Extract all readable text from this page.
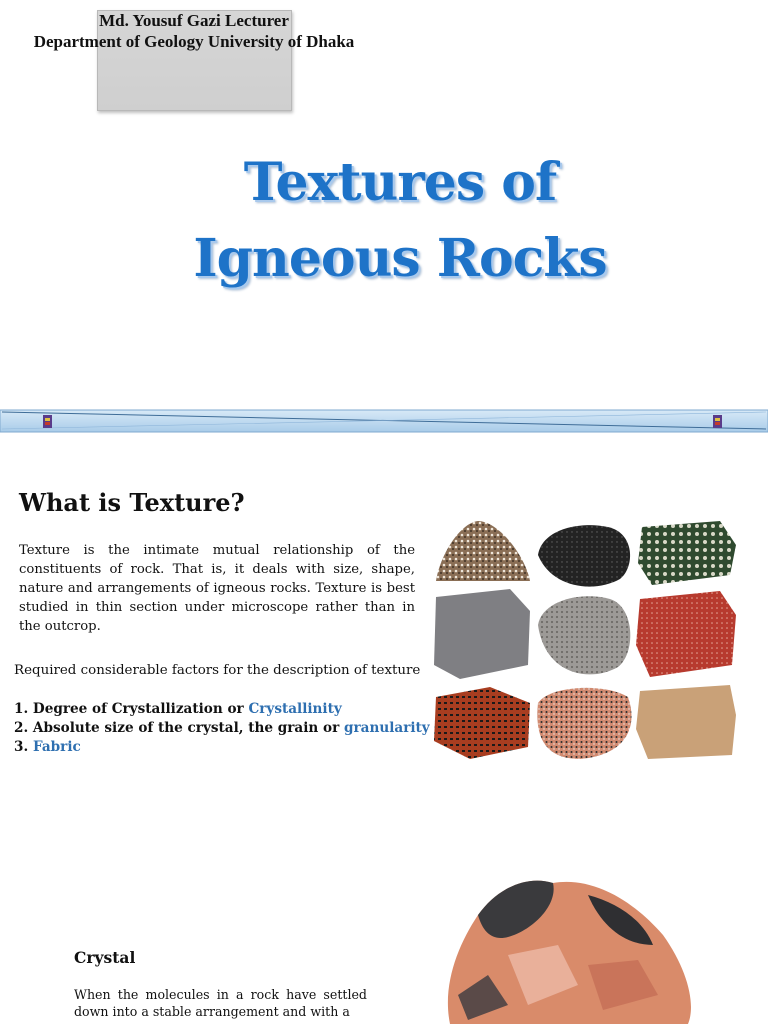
Md. Yousuf Gazi Lecturer
Department of Geology University of Dhaka
Textures of
Igneous Rocks
What is Texture?
Texture is the intimate mutual relationship of the constituents of rock. That is, it deals with size, shape, nature and arrangements of igneous rocks. Texture is best studied in thin section under microscope rather than in the outcrop.
Required considerable factors for the description of texture
1. Degree of Crystallization or Crystallinity
2. Absolute size of the crystal, the grain or granularity
3. Fabric
Crystal
When the molecules in a rock have settled down into a stable arrangement and with a
